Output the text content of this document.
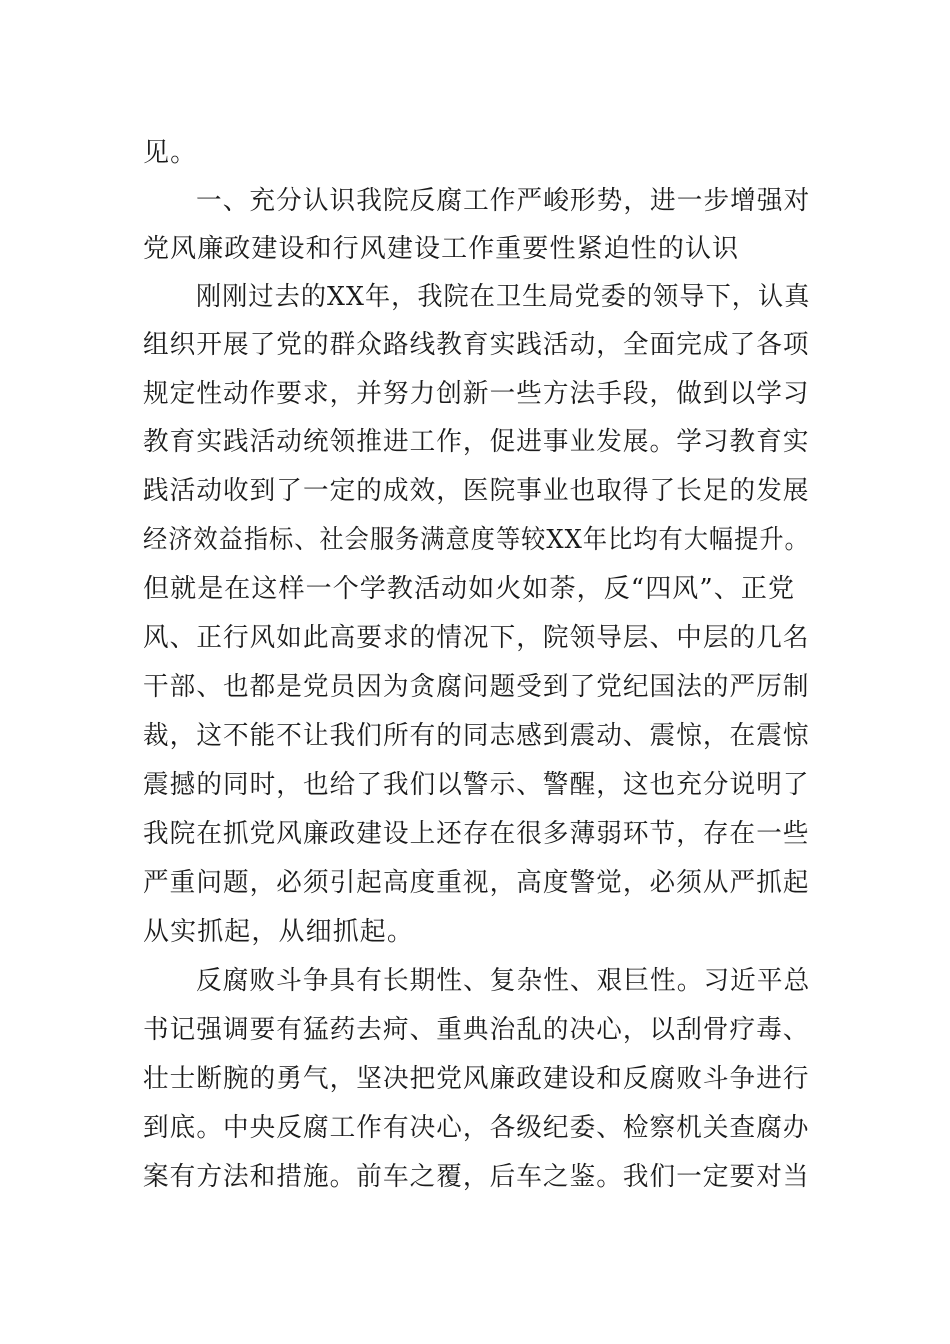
见。
一、充分认识我院反腐工作严峻形势，进一步增强对
党风廉政建设和行风建设工作重要性紧迫性的认识
刚刚过去的XX年，我院在卫生局党委的领导下，认真
组织开展了党的群众路线教育实践活动，全面完成了各项
规定性动作要求，并努力创新一些方法手段，做到以学习
教育实践活动统领推进工作，促进事业发展。学习教育实
践活动收到了一定的成效，医院事业也取得了长足的发展
经济效益指标、社会服务满意度等较XX年比均有大幅提升。
但就是在这样一个学教活动如火如荼，反“四风”、正党
风、正行风如此高要求的情况下，院领导层、中层的几名
干部、也都是党员因为贪腐问题受到了党纪国法的严厉制
裁，这不能不让我们所有的同志感到震动、震惊，在震惊
震撼的同时，也给了我们以警示、警醒，这也充分说明了
我院在抓党风廉政建设上还存在很多薄弱环节，存在一些
严重问题，必须引起高度重视，高度警觉，必须从严抓起
从实抓起，从细抓起。
反腐败斗争具有长期性、复杂性、艰巨性。习近平总
书记强调要有猛药去疴、重典治乱的决心，以刮骨疗毒、
壮士断腕的勇气，坚决把党风廉政建设和反腐败斗争进行
到底。中央反腐工作有决心，各级纪委、检察机关查腐办
案有方法和措施。前车之覆，后车之鉴。我们一定要对当
